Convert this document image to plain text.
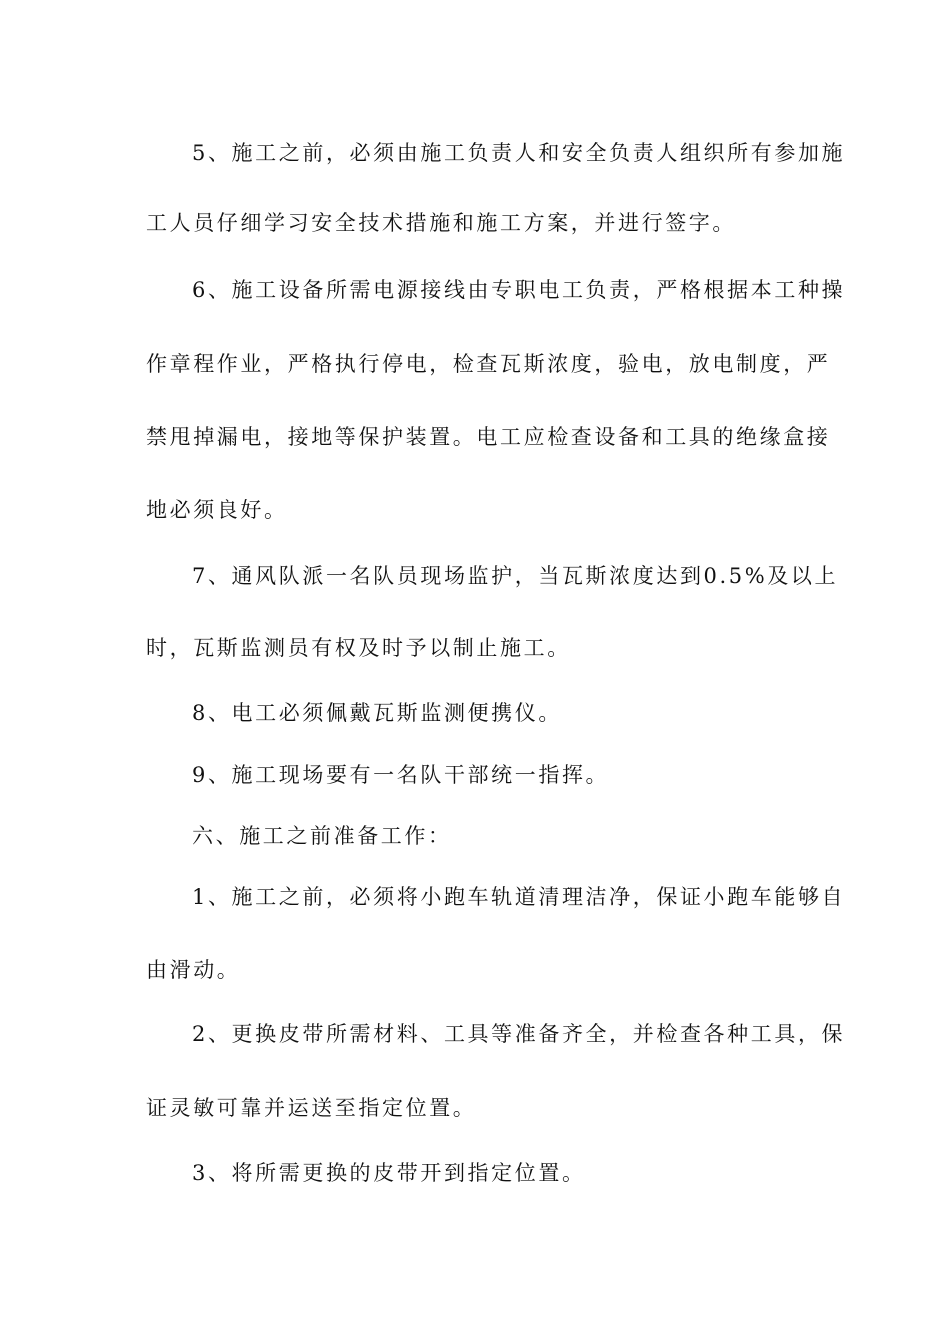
5、施工之前，必须由施工负责人和安全负责人组织所有参加施
工人员仔细学习安全技术措施和施工方案，并进行签字。
6、施工设备所需电源接线由专职电工负责，严格根据本工种操
作章程作业，严格执行停电，检查瓦斯浓度，验电，放电制度，严
禁甩掉漏电，接地等保护装置。电工应检查设备和工具的绝缘盒接
地必须良好。
7、通风队派一名队员现场监护，当瓦斯浓度达到0.5%及以上
时，瓦斯监测员有权及时予以制止施工。
8、电工必须佩戴瓦斯监测便携仪。
9、施工现场要有一名队干部统一指挥。
六、施工之前准备工作：
1、施工之前，必须将小跑车轨道清理洁净，保证小跑车能够自
由滑动。
2、更换皮带所需材料、工具等准备齐全，并检查各种工具，保
证灵敏可靠并运送至指定位置。
3、将所需更换的皮带开到指定位置。
